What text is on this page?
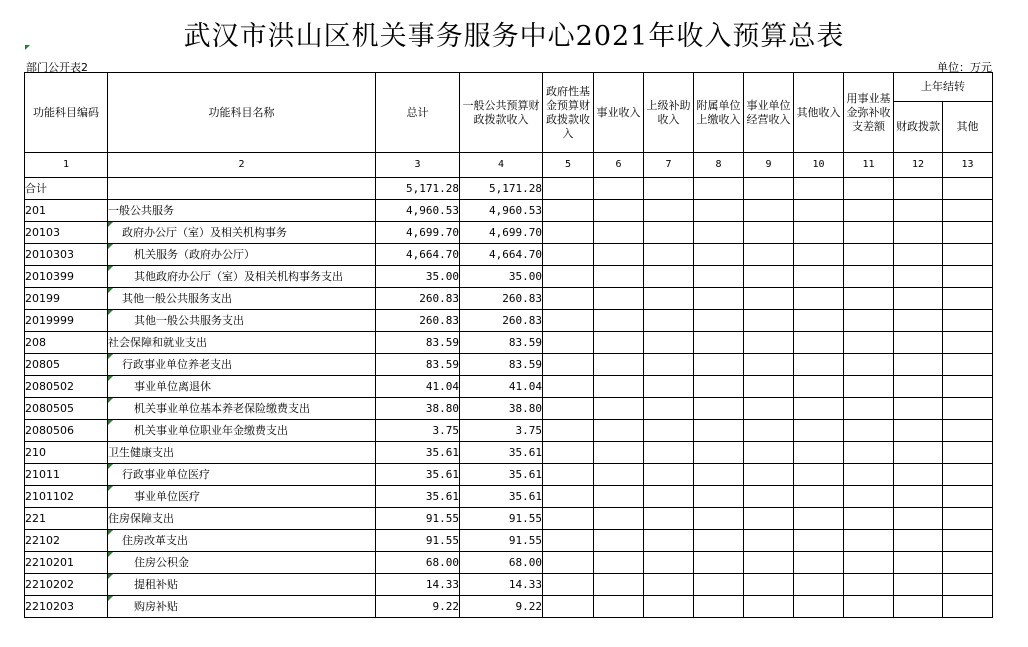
武汉市洪山区机关事务服务中心2021年收入预算总表
部门公开表2	单位：万元
功能科目编码	功能科目名称	总计	一般公共预算财政拨款收入	政府性基金预算财政拨款收入	事业收入	上级补助收入	附属单位上缴收入	事业单位经营收入	其他收入	用事业基金弥补收支差额	上年结转	
											财政拨款	其他
1	2	3	4	5	6	7	8	9	10	11	12	13
合计		5,171.28	5,171.28									
201	一般公共服务	4,960.53	4,960.53									
20103	政府办公厅（室）及相关机构事务	4,699.70	4,699.70									
2010303	机关服务（政府办公厅）	4,664.70	4,664.70									
2010399	其他政府办公厅（室）及相关机构事务支出	35.00	35.00									
20199	其他一般公共服务支出	260.83	260.83									
2019999	其他一般公共服务支出	260.83	260.83									
208	社会保障和就业支出	83.59	83.59									
20805	行政事业单位养老支出	83.59	83.59									
2080502	事业单位离退休	41.04	41.04									
2080505	机关事业单位基本养老保险缴费支出	38.80	38.80									
2080506	机关事业单位职业年金缴费支出	3.75	3.75									
210	卫生健康支出	35.61	35.61									
21011	行政事业单位医疗	35.61	35.61									
2101102	事业单位医疗	35.61	35.61									
221	住房保障支出	91.55	91.55									
22102	住房改革支出	91.55	91.55									
2210201	住房公积金	68.00	68.00									
2210202	提租补贴	14.33	14.33									
2210203	购房补贴	9.22	9.22									
